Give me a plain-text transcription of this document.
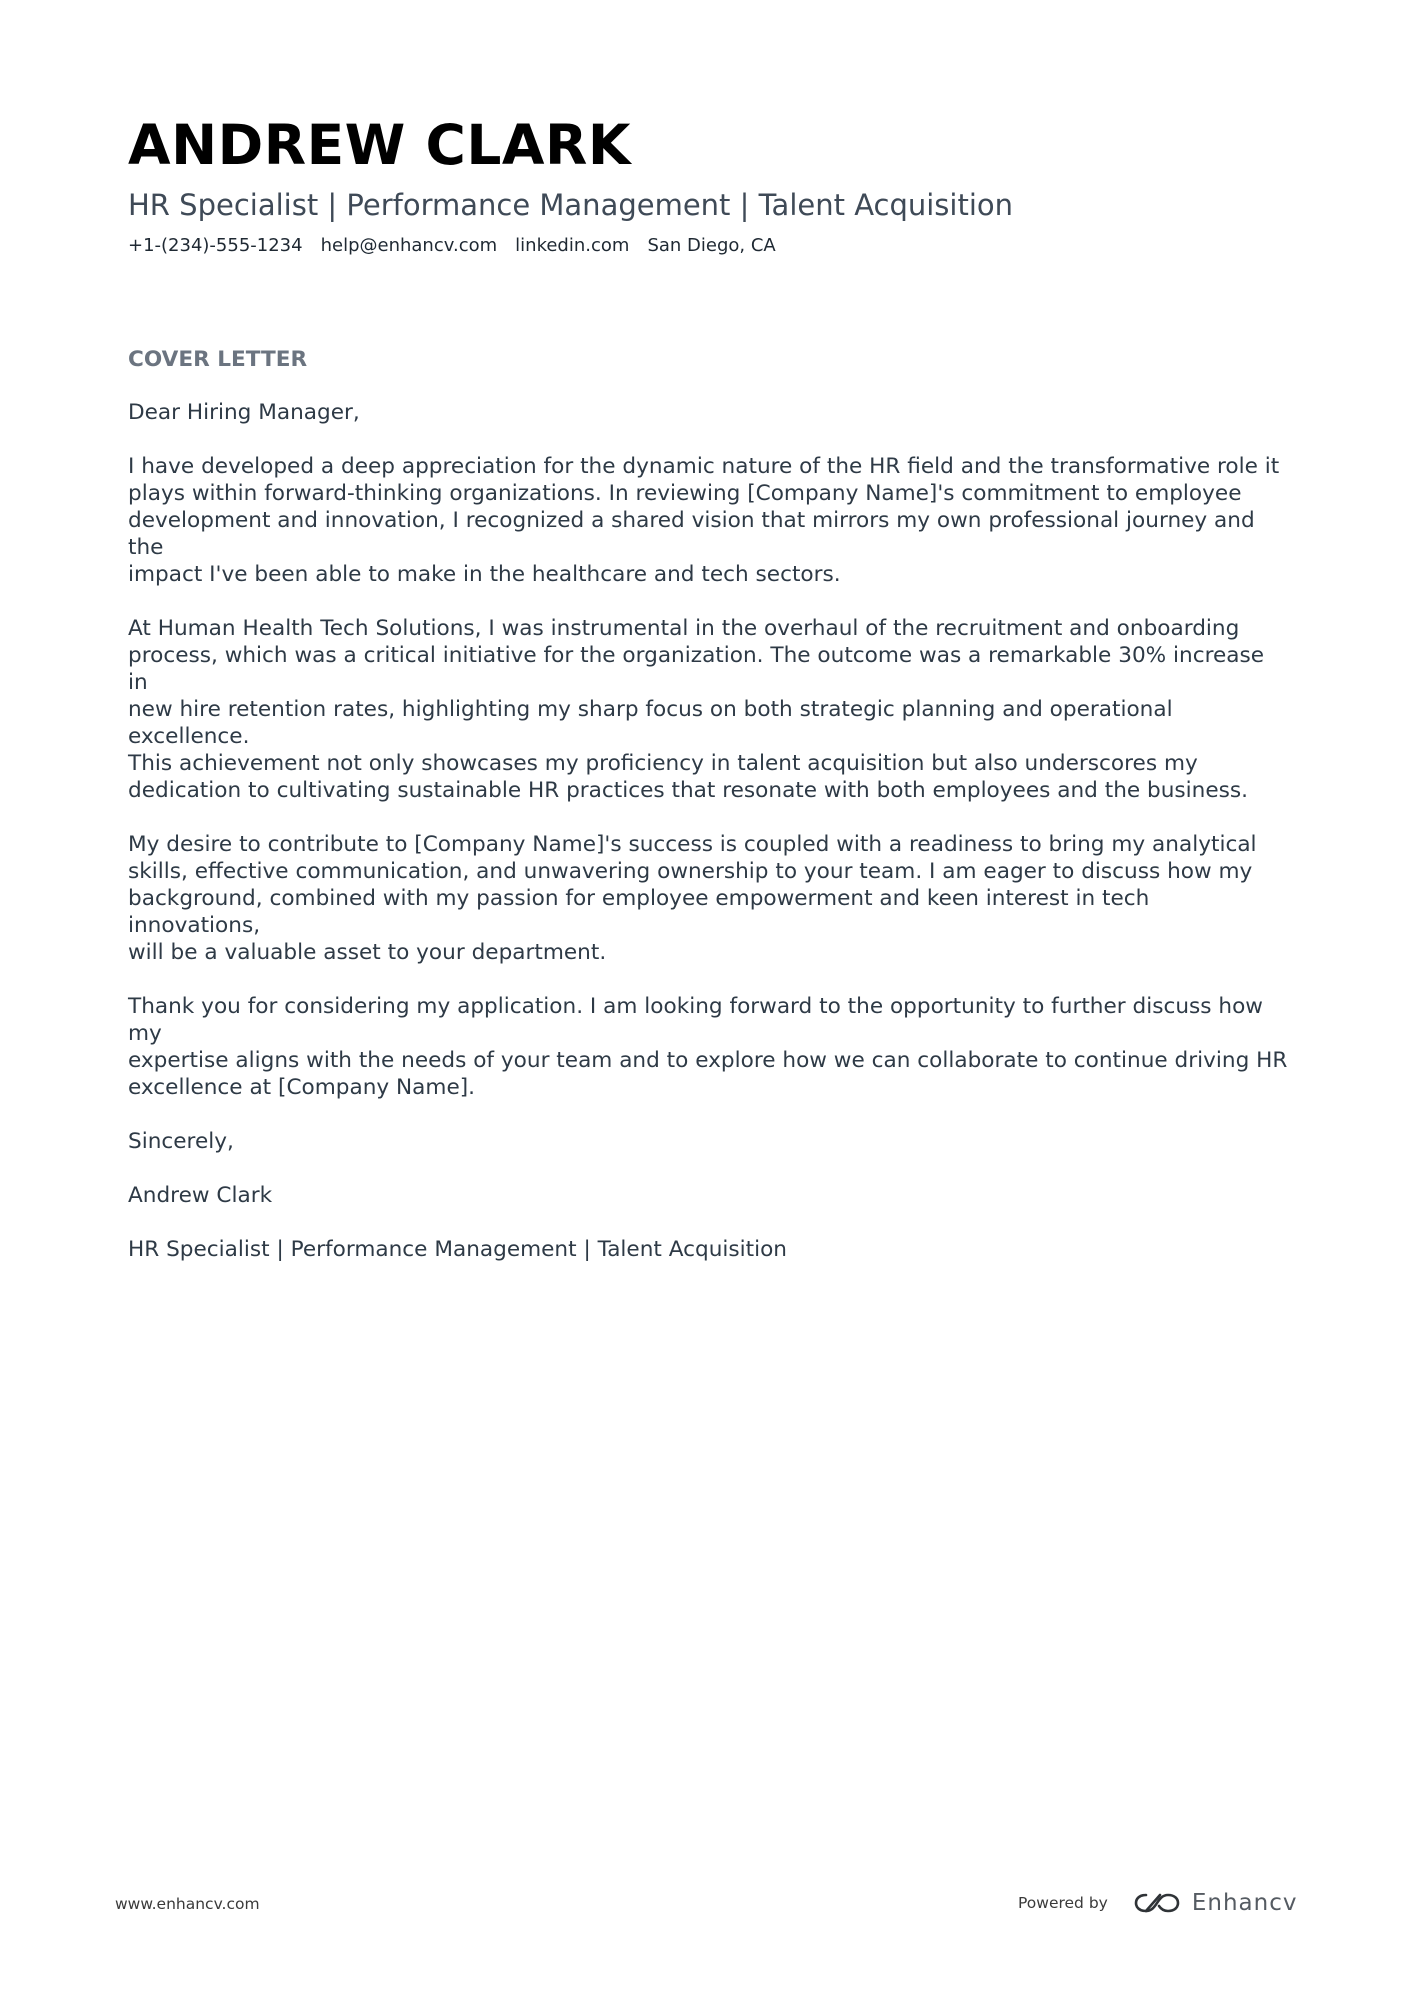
ANDREW CLARK
HR Specialist | Performance Management | Talent Acquisition
+1-(234)-555-1234 help@enhancv.com linkedin.com San Diego, CA
COVER LETTER

Dear Hiring Manager,

I have developed a deep appreciation for the dynamic nature of the HR field and the transformative role it
plays within forward-thinking organizations. In reviewing [Company Name]'s commitment to employee
development and innovation, I recognized a shared vision that mirrors my own professional journey and the
impact I've been able to make in the healthcare and tech sectors.

At Human Health Tech Solutions, I was instrumental in the overhaul of the recruitment and onboarding
process, which was a critical initiative for the organization. The outcome was a remarkable 30% increase in
new hire retention rates, highlighting my sharp focus on both strategic planning and operational excellence.
This achievement not only showcases my proficiency in talent acquisition but also underscores my
dedication to cultivating sustainable HR practices that resonate with both employees and the business.

My desire to contribute to [Company Name]'s success is coupled with a readiness to bring my analytical
skills, effective communication, and unwavering ownership to your team. I am eager to discuss how my
background, combined with my passion for employee empowerment and keen interest in tech innovations,
will be a valuable asset to your department.

Thank you for considering my application. I am looking forward to the opportunity to further discuss how my
expertise aligns with the needs of your team and to explore how we can collaborate to continue driving HR
excellence at [Company Name].

Sincerely,

Andrew Clark

HR Specialist | Performance Management | Talent Acquisition

www.enhancv.com	Powered by	Enhancv
